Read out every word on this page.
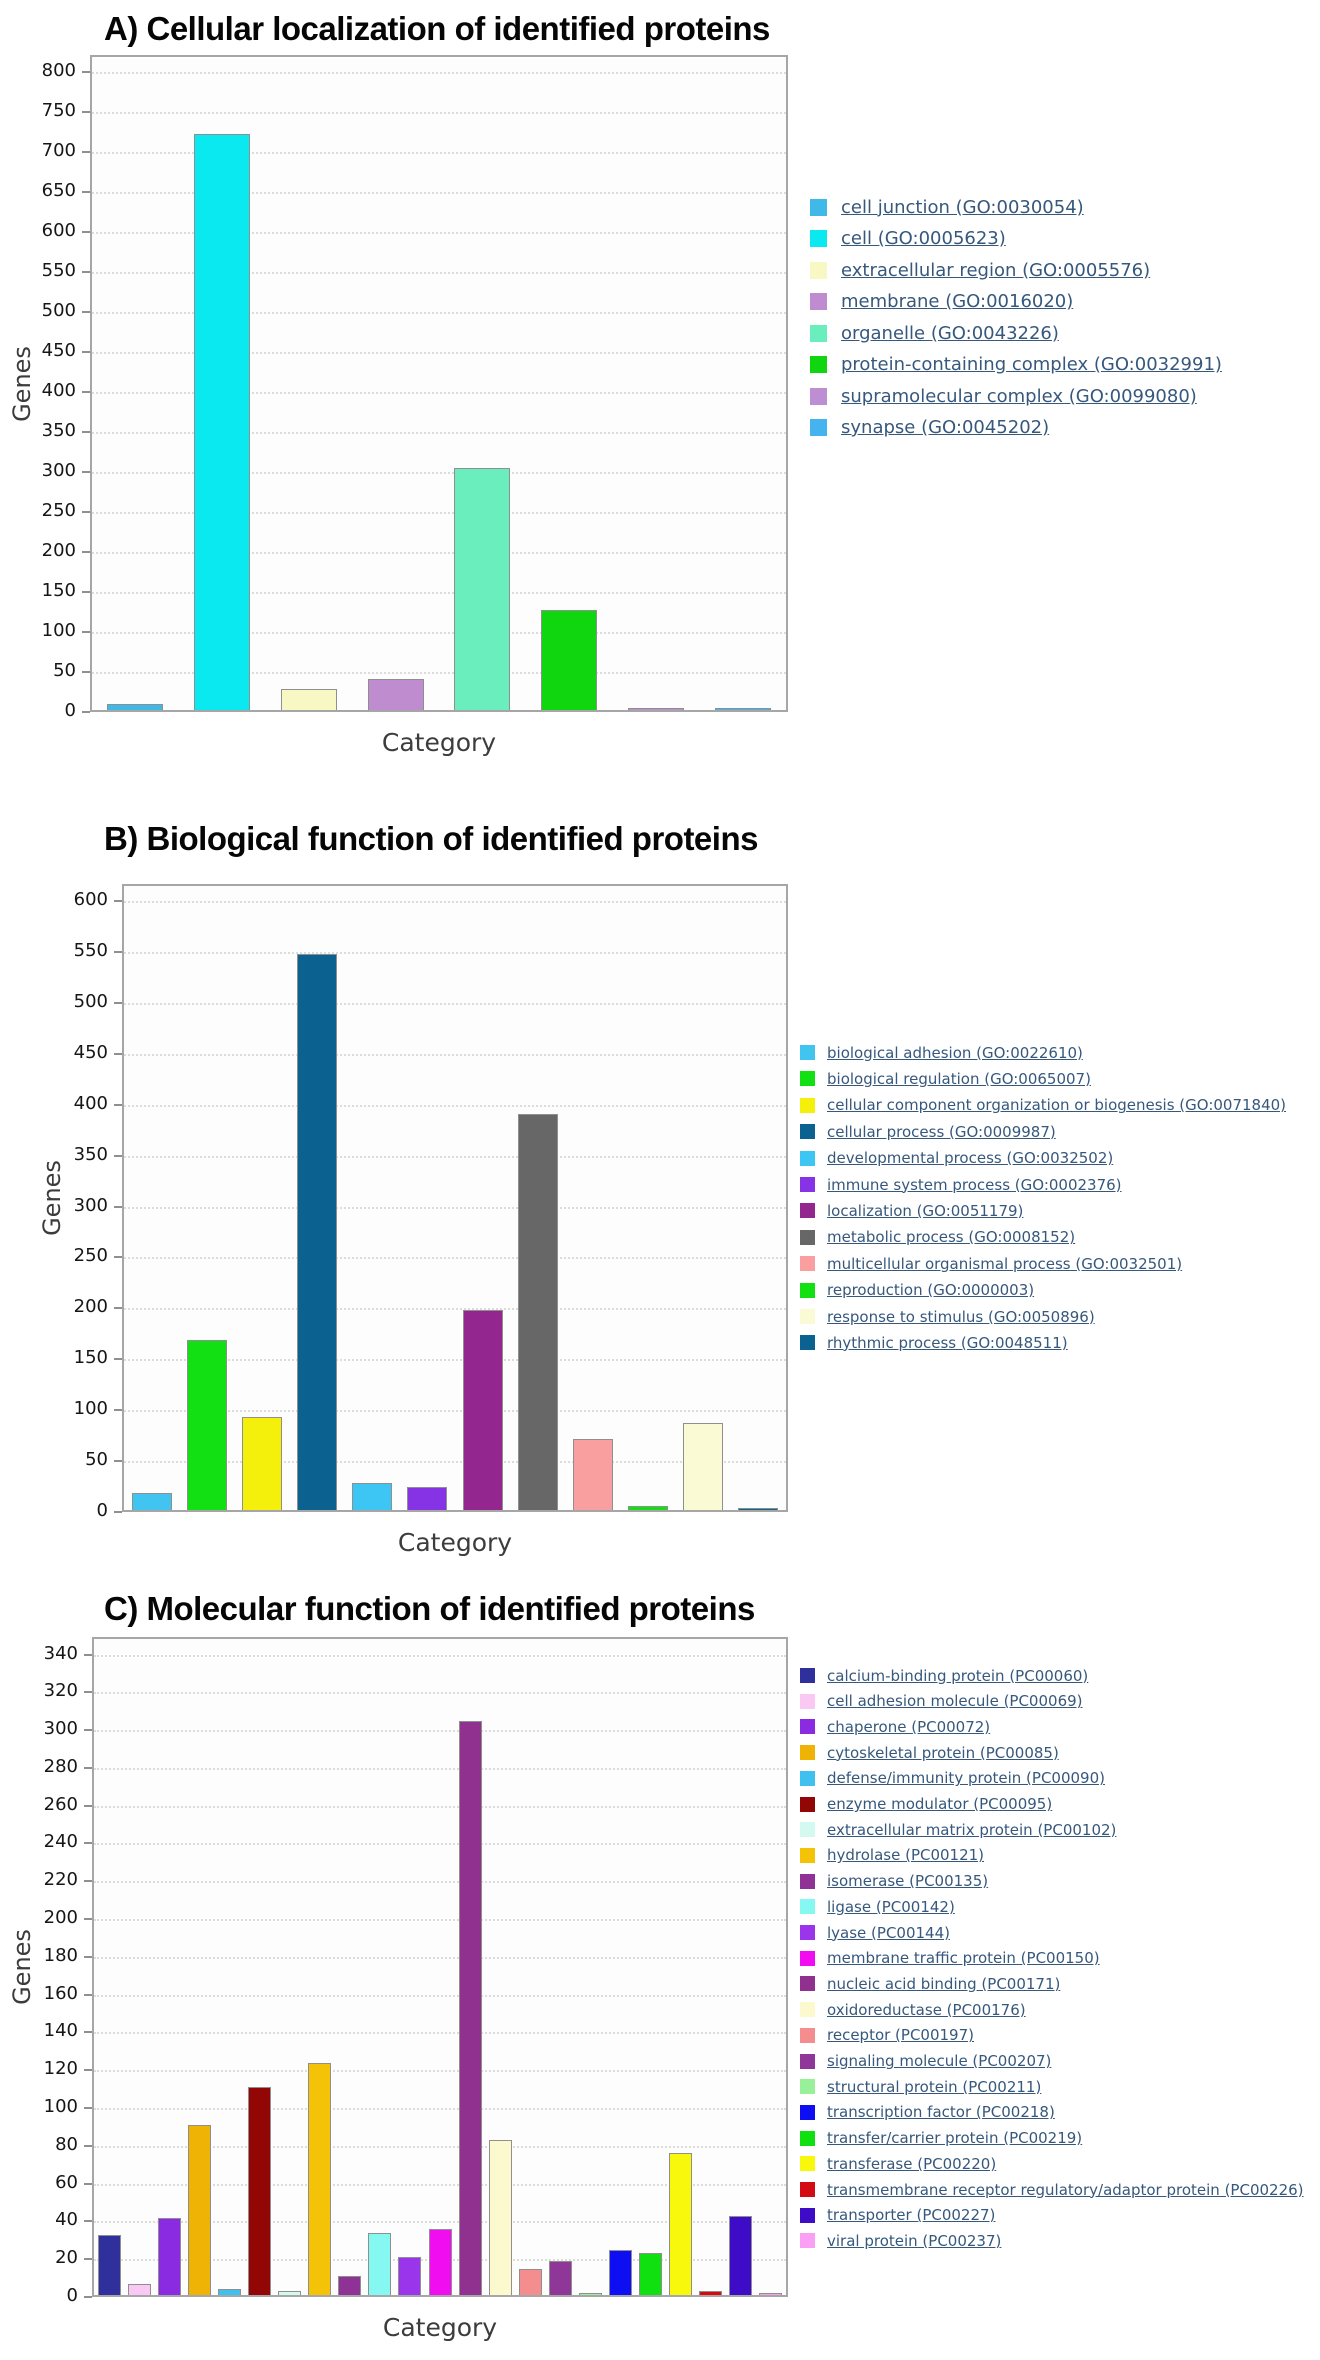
A) Cellular localization of identified proteins
Genes
Category
cell junction (GO:0030054)
cell (GO:0005623)
extracellular region (GO:0005576)
membrane (GO:0016020)
organelle (GO:0043226)
protein-containing complex (GO:0032991)
supramolecular complex (GO:0099080)
synapse (GO:0045202)
B) Biological function of identified proteins
Genes
Category
biological adhesion (GO:0022610)
biological regulation (GO:0065007)
cellular component organization or biogenesis (GO:0071840)
cellular process (GO:0009987)
developmental process (GO:0032502)
immune system process (GO:0002376)
localization (GO:0051179)
metabolic process (GO:0008152)
multicellular organismal process (GO:0032501)
reproduction (GO:0000003)
response to stimulus (GO:0050896)
rhythmic process (GO:0048511)
C) Molecular function of identified proteins
Genes
Category
calcium-binding protein (PC00060)
cell adhesion molecule (PC00069)
chaperone (PC00072)
cytoskeletal protein (PC00085)
defense/immunity protein (PC00090)
enzyme modulator (PC00095)
extracellular matrix protein (PC00102)
hydrolase (PC00121)
isomerase (PC00135)
ligase (PC00142)
lyase (PC00144)
membrane traffic protein (PC00150)
nucleic acid binding (PC00171)
oxidoreductase (PC00176)
receptor (PC00197)
signaling molecule (PC00207)
structural protein (PC00211)
transcription factor (PC00218)
transfer/carrier protein (PC00219)
transferase (PC00220)
transmembrane receptor regulatory/adaptor protein (PC00226)
transporter (PC00227)
viral protein (PC00237)
0
50
100
150
200
250
300
350
400
450
500
550
600
650
700
750
800
0
50
100
150
200
250
300
350
400
450
500
550
600
0
20
40
60
80
100
120
140
160
180
200
220
240
260
280
300
320
340
